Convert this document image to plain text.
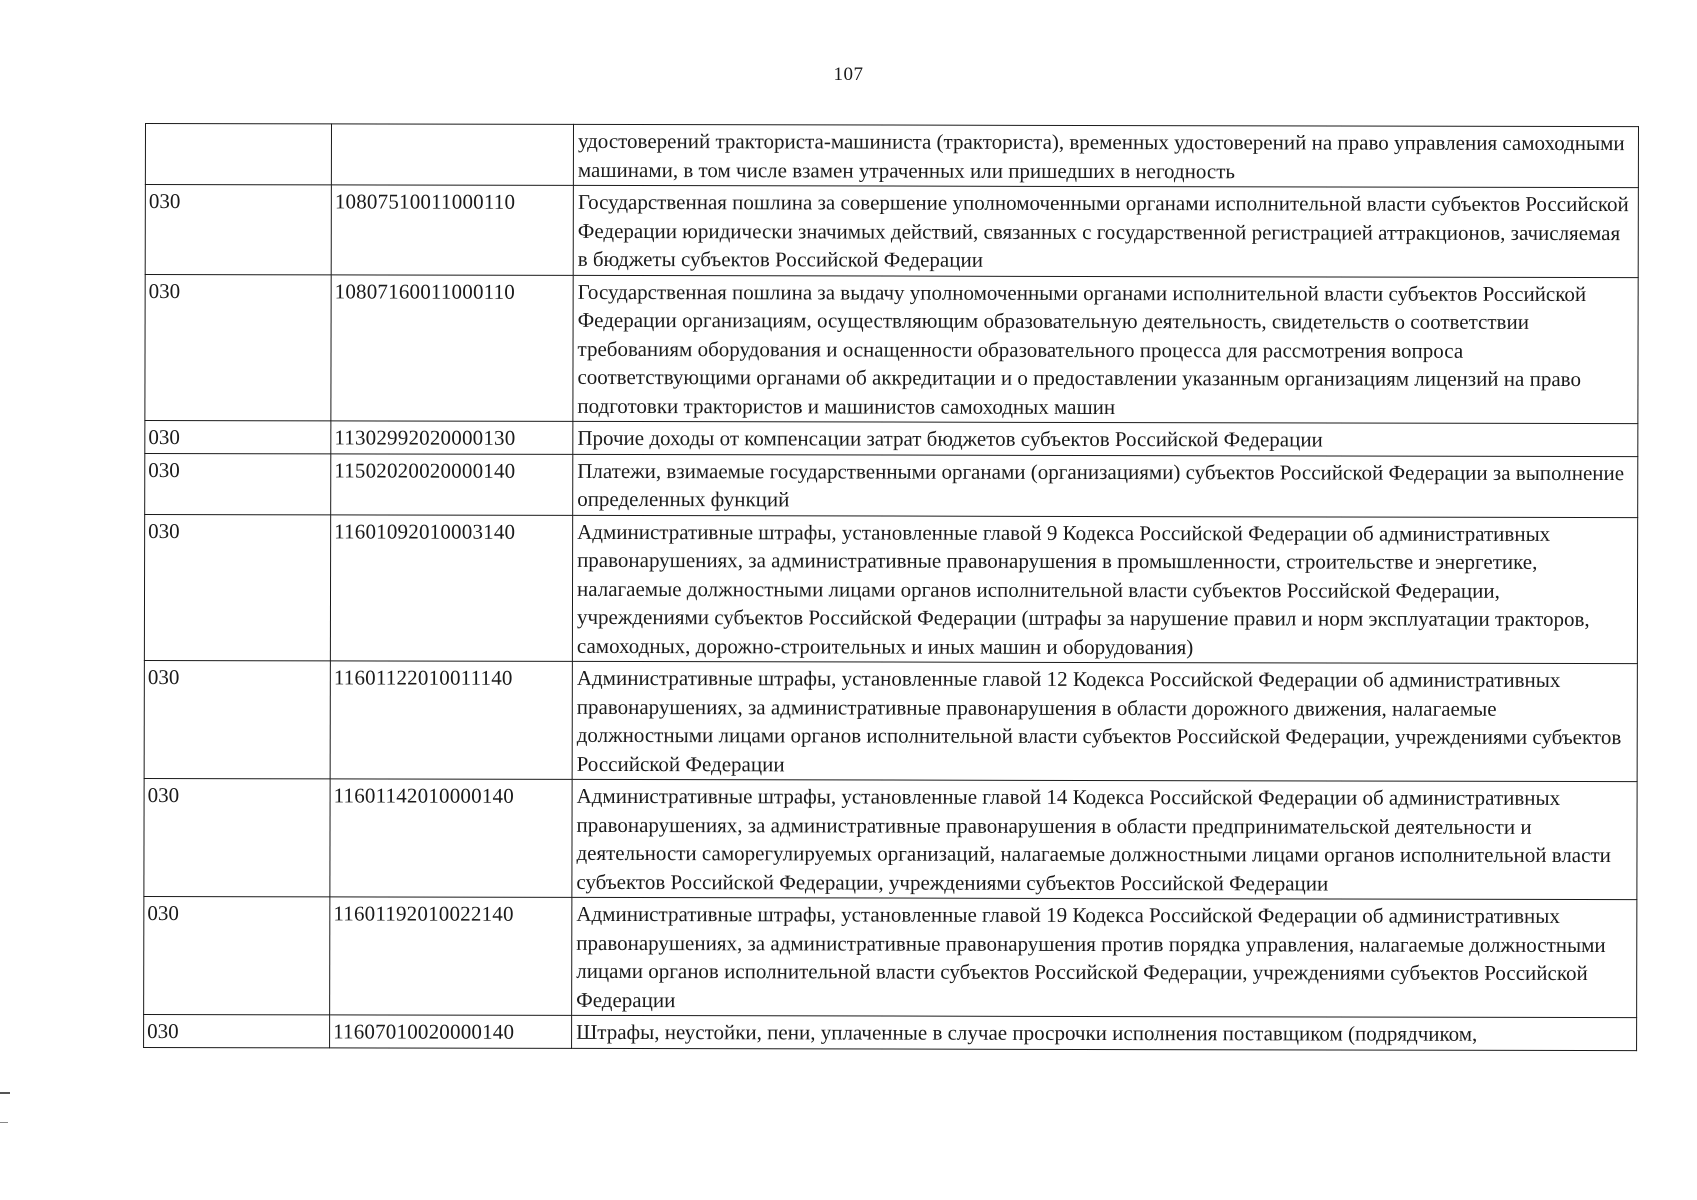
107
		удостоверений тракториста-машиниста (тракториста), временных удостоверений на право управления самоходными машинами, в том числе взамен утраченных или пришедших в негодность
030	10807510011000110	Государственная пошлина за совершение уполномоченными органами исполнительной власти субъектов Российской Федерации юридически значимых действий, связанных с государственной регистрацией аттракционов, зачисляемая в бюджеты субъектов Российской Федерации
030	10807160011000110	Государственная пошлина за выдачу уполномоченными органами исполнительной власти субъектов Российской Федерации организациям, осуществляющим образовательную деятельность, свидетельств о соответствии требованиям оборудования и оснащенности образовательного процесса для рассмотрения вопроса соответствующими органами об аккредитации и о предоставлении указанным организациям лицензий на право подготовки трактористов и машинистов самоходных машин
030	11302992020000130	Прочие доходы от компенсации затрат бюджетов субъектов Российской Федерации
030	11502020020000140	Платежи, взимаемые государственными органами (организациями) субъектов Российской Федерации за выполнение определенных функций
030	11601092010003140	Административные штрафы, установленные главой 9 Кодекса Российской Федерации об административных правонарушениях, за административные правонарушения в промышленности, строительстве и энергетике, налагаемые должностными лицами органов исполнительной власти субъектов Российской Федерации, учреждениями субъектов Российской Федерации (штрафы за нарушение правил и норм эксплуатации тракторов, самоходных, дорожно-строительных и иных машин и оборудования)
030	11601122010011140	Административные штрафы, установленные главой 12 Кодекса Российской Федерации об административных правонарушениях, за административные правонарушения в области дорожного движения, налагаемые должностными лицами органов исполнительной власти субъектов Российской Федерации, учреждениями субъектов Российской Федерации
030	11601142010000140	Административные штрафы, установленные главой 14 Кодекса Российской Федерации об административных правонарушениях, за административные правонарушения в области предпринимательской деятельности и деятельности саморегулируемых организаций, налагаемые должностными лицами органов исполнительной власти субъектов Российской Федерации, учреждениями субъектов Российской Федерации
030	11601192010022140	Административные штрафы, установленные главой 19 Кодекса Российской Федерации об административных правонарушениях, за административные правонарушения против порядка управления, налагаемые должностными лицами органов исполнительной власти субъектов Российской Федерации, учреждениями субъектов Российской Федерации
030	11607010020000140	Штрафы, неустойки, пени, уплаченные в случае просрочки исполнения поставщиком (подрядчиком,
